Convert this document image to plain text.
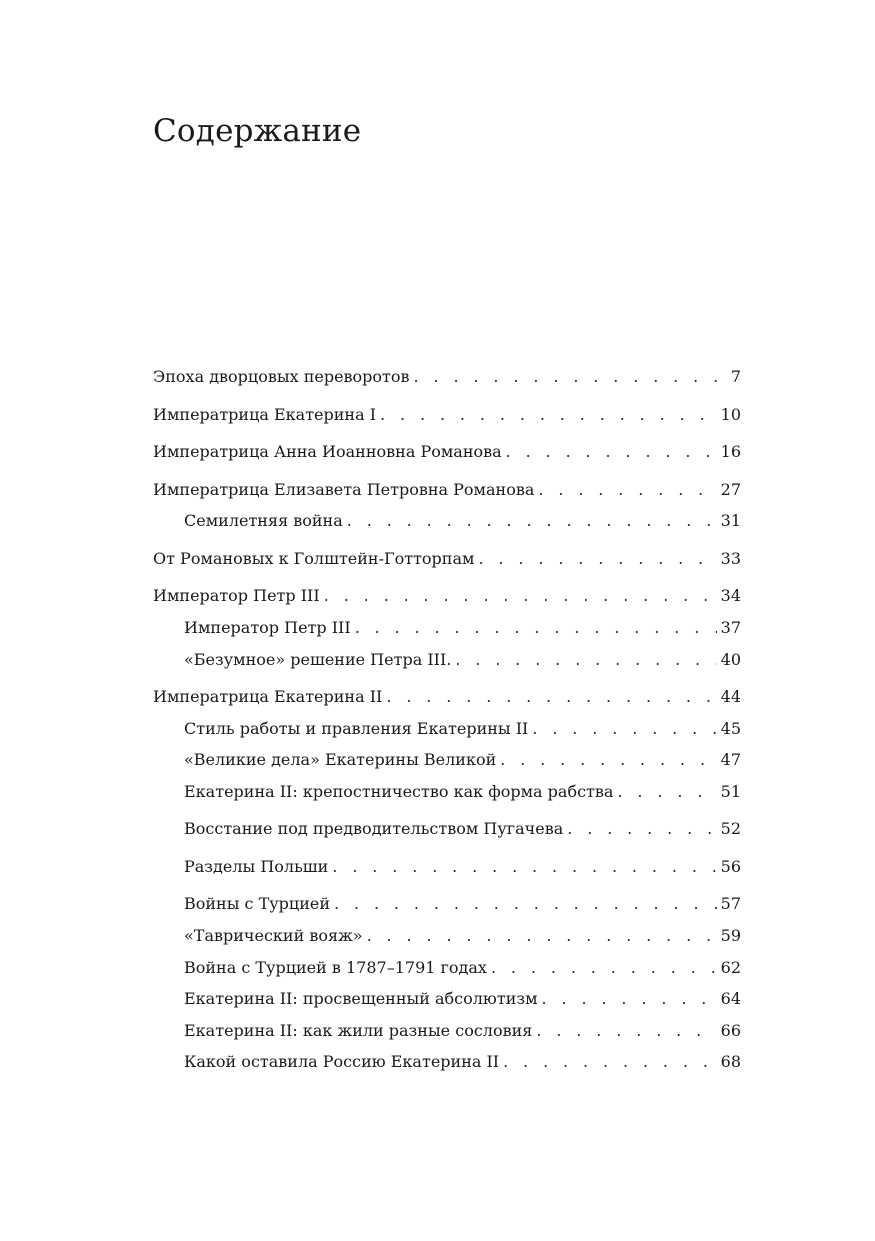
Содержание
Эпоха дворцовых переворотов . . .	7
Императрица Екатерина I . . .	10
Императрица Анна Иоанновна Романова . . .	16
Императрица Елизавета Петровна Романова . . .	27
Семилетняя война . . .	31
От Романовых к Голштейн-Готторпам . . .	33
Император Петр III . . .	34
Император Петр III . . .	37
«Безумное» решение Петра III. . . .	40
Императрица Екатерина II . . .	44
Стиль работы и правления Екатерины II . . .	45
«Великие дела» Екатерины Великой . . .	47
Екатерина II: крепостничество как форма рабства . . .	51
Восстание под предводительством Пугачева . . .	52
Разделы Польши . . .	56
Войны с Турцией . . .	57
«Таврический вояж» . . .	59
Война с Турцией в 1787–1791 годах . . .	62
Екатерина II: просвещенный абсолютизм . . .	64
Екатерина II: как жили разные сословия . . .	66
Какой оставила Россию Екатерина II . . .	68
